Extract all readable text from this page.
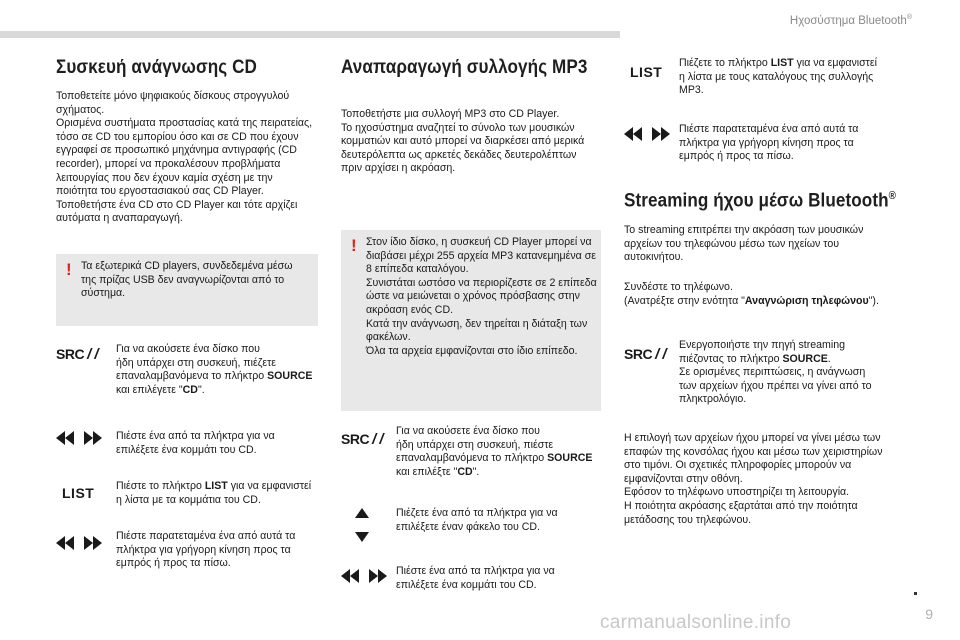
Ηχοσύστημα Bluetooth®
Συσκευή ανάγνωσης CD
Τοποθετείτε μόνο ψηφιακούς δίσκους στρογγυλού
σχήματος.
Ορισμένα συστήματα προστασίας κατά της πειρατείας,
τόσο σε CD του εμπορίου όσο και σε CD που έχουν
εγγραφεί σε προσωπικό μηχάνημα αντιγραφής (CD
recorder), μπορεί να προκαλέσουν προβλήματα
λειτουργίας που δεν έχουν καμία σχέση με την
ποιότητα του εργοστασιακού σας CD Player.
Τοποθετήστε ένα CD στο CD Player και τότε αρχίζει
αυτόματα η αναπαραγωγή.
! Τα εξωτερικά CD players, συνδεδεμένα μέσω
της πρίζας USB δεν αναγνωρίζονται από το
σύστημα.
SRC / / Για να ακούσετε ένα δίσκο που
ήδη υπάρχει στη συσκευή, πιέζετε
επαναλαμβανόμενα το πλήκτρο SOURCE
και επιλέγετε "CD".
Πιέστε ένα από τα πλήκτρα για να
επιλέξετε ένα κομμάτι του CD.
LIST Πιέστε το πλήκτρο LIST για να εμφανιστεί
η λίστα με τα κομμάτια του CD.
Πιέστε παρατεταμένα ένα από αυτά τα
πλήκτρα για γρήγορη κίνηση προς τα
εμπρός ή προς τα πίσω.
Αναπαραγωγή συλλογής MP3
Τοποθετήστε μια συλλογή MP3 στο CD Player.
Το ηχοσύστημα αναζητεί το σύνολο των μουσικών
κομματιών και αυτό μπορεί να διαρκέσει από μερικά
δευτερόλεπτα ως αρκετές δεκάδες δευτερολέπτων
πριν αρχίσει η ακρόαση.
! Στον ίδιο δίσκο, η συσκευή CD Player μπορεί να
διαβάσει μέχρι 255 αρχεία MP3 κατανεμημένα σε
8 επίπεδα καταλόγου.
Συνιστάται ωστόσο να περιορίζεστε σε 2 επίπεδα
ώστε να μειώνεται ο χρόνος πρόσβασης στην
ακρόαση ενός CD.
Κατά την ανάγνωση, δεν τηρείται η διάταξη των
φακέλων.
Όλα τα αρχεία εμφανίζονται στο ίδιο επίπεδο.
SRC / / Για να ακούσετε ένα δίσκο που
ήδη υπάρχει στη συσκευή, πιέστε
επαναλαμβανόμενα το πλήκτρο SOURCE
και επιλέξτε "CD".
Πιέζετε ένα από τα πλήκτρα για να
επιλέξετε έναν φάκελο του CD.
Πιέστε ένα από τα πλήκτρα για να
επιλέξετε ένα κομμάτι του CD.
LIST
Πιέζετε το πλήκτρο LIST για να εμφανιστεί
η λίστα με τους καταλόγους της συλλογής
MP3.
Πιέστε παρατεταμένα ένα από αυτά τα
πλήκτρα για γρήγορη κίνηση προς τα
εμπρός ή προς τα πίσω.
Streaming ήχου μέσω Bluetooth®
Το streaming επιτρέπει την ακρόαση των μουσικών
αρχείων του τηλεφώνου μέσω των ηχείων του
αυτοκινήτου.
Συνδέστε το τηλέφωνο.
(Ανατρέξτε στην ενότητα "Αναγνώριση τηλεφώνου").
SRC / /
Ενεργοποιήστε την πηγή streaming
πιέζοντας το πλήκτρο SOURCE.
Σε ορισμένες περιπτώσεις, η ανάγνωση
των αρχείων ήχου πρέπει να γίνει από το
πληκτρολόγιο.
Η επιλογή των αρχείων ήχου μπορεί να γίνει μέσω των
επαφών της κονσόλας ήχου και μέσω των χειριστηρίων
στο τιμόνι. Οι σχετικές πληροφορίες μπορούν να
εμφανίζονται στην οθόνη.
Εφόσον το τηλέφωνο υποστηρίζει τη λειτουργία.
Η ποιότητα ακρόασης εξαρτάται από την ποιότητα
μετάδοσης του τηλεφώνου.
9
carmanualsonline.info
